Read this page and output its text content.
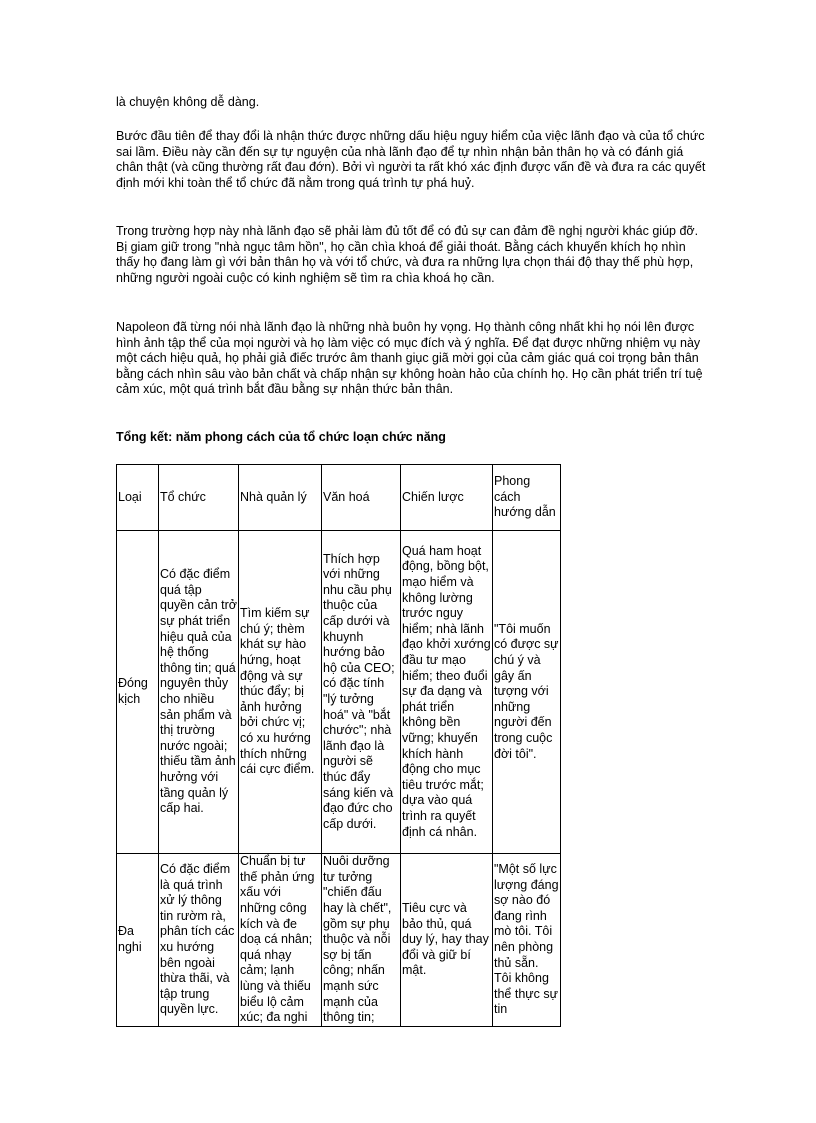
là chuyện không dễ dàng.

Bước đầu tiên để thay đổi là nhận thức được những dấu hiệu nguy hiểm của việc lãnh đạo và của tổ chức sai lầm. Điều này cần đến sự tự nguyện của nhà lãnh đạo để tự nhìn nhận bản thân họ và có đánh giá chân thật (và cũng thường rất đau đớn). Bởi vì người ta rất khó xác định được vấn đề và đưa ra các quyết định mới khi toàn thể tổ chức đã nằm trong quá trình tự phá huỷ.

Trong trường hợp này nhà lãnh đạo sẽ phải làm đủ tốt để có đủ sự can đảm đề nghị người khác giúp đỡ. Bị giam giữ trong "nhà ngục tâm hồn", họ cần chìa khoá để giải thoát. Bằng cách khuyến khích họ nhìn thấy họ đang làm gì với bản thân họ và với tổ chức, và đưa ra những lựa chọn thái độ thay thế phù hợp, những người ngoài cuộc có kinh nghiệm sẽ tìm ra chìa khoá họ cần.

Napoleon đã từng nói nhà lãnh đạo là những nhà buôn hy vọng. Họ thành công nhất khi họ nói lên được hình ảnh tập thể của mọi người và họ làm việc có mục đích và ý nghĩa. Để đạt được những nhiệm vụ này một cách hiệu quả, họ phải giả điếc trước âm thanh giục giã mời gọi của cảm giác quá coi trọng bản thân bằng cách nhìn sâu vào bản chất và chấp nhận sự không hoàn hảo của chính họ. Họ cần phát triển trí tuệ cảm xúc, một quá trình bắt đầu bằng sự nhận thức bản thân.

Tổng kết: năm phong cách của tổ chức loạn chức năng

Loại	Tổ chức	Nhà quản lý	Văn hoá	Chiến lược	Phong cách hướng dẫn
Đóng kịch	Có đặc điểm quá tập quyền cản trở sự phát triển hiệu quả của hệ thống thông tin; quá nguyên thủy cho nhiều sản phẩm và thị trường nước ngoài; thiếu tầm ảnh hưởng với tầng quản lý cấp hai.	Tìm kiếm sự chú ý; thèm khát sự hào hứng, hoạt động và sự thúc đẩy; bị ảnh hưởng bởi chức vị; có xu hướng thích những cái cực điểm.	Thích hợp với những nhu cầu phụ thuộc của cấp dưới và khuynh hướng bảo hộ của CEO; có đặc tính "lý tưởng hoá" và "bắt chước"; nhà lãnh đạo là người sẽ thúc đẩy sáng kiến và đạo đức cho cấp dưới.	Quá ham hoạt động, bồng bột, mạo hiểm và không lường trước nguy hiểm; nhà lãnh đạo khởi xướng đầu tư mạo hiểm; theo đuổi sự đa dạng và phát triển không bền vững; khuyến khích hành động cho mục tiêu trước mắt; dựa vào quá trình ra quyết định cá nhân.	"Tôi muốn có được sự chú ý và gây ấn tượng với những người đến trong cuộc đời tôi".
Đa nghi	Có đặc điểm là quá trình xử lý thông tin rườm rà, phân tích các xu hướng bên ngoài thừa thãi, và tập trung quyền lực.	Chuẩn bị tư thế phản ứng xấu với những công kích và đe doạ cá nhân; quá nhạy cảm; lạnh lùng và thiếu biểu lộ cảm xúc; đa nghi	Nuôi dưỡng tư tưởng "chiến đấu hay là chết", gồm sự phụ thuộc và nỗi sợ bị tấn công; nhấn mạnh sức mạnh của thông tin;	Tiêu cực và bảo thủ, quá duy lý, hay thay đổi và giữ bí mật.	"Một số lực lượng đáng sợ nào đó đang rình mò tôi. Tôi nên phòng thủ sẵn. Tôi không thể thực sự tin
